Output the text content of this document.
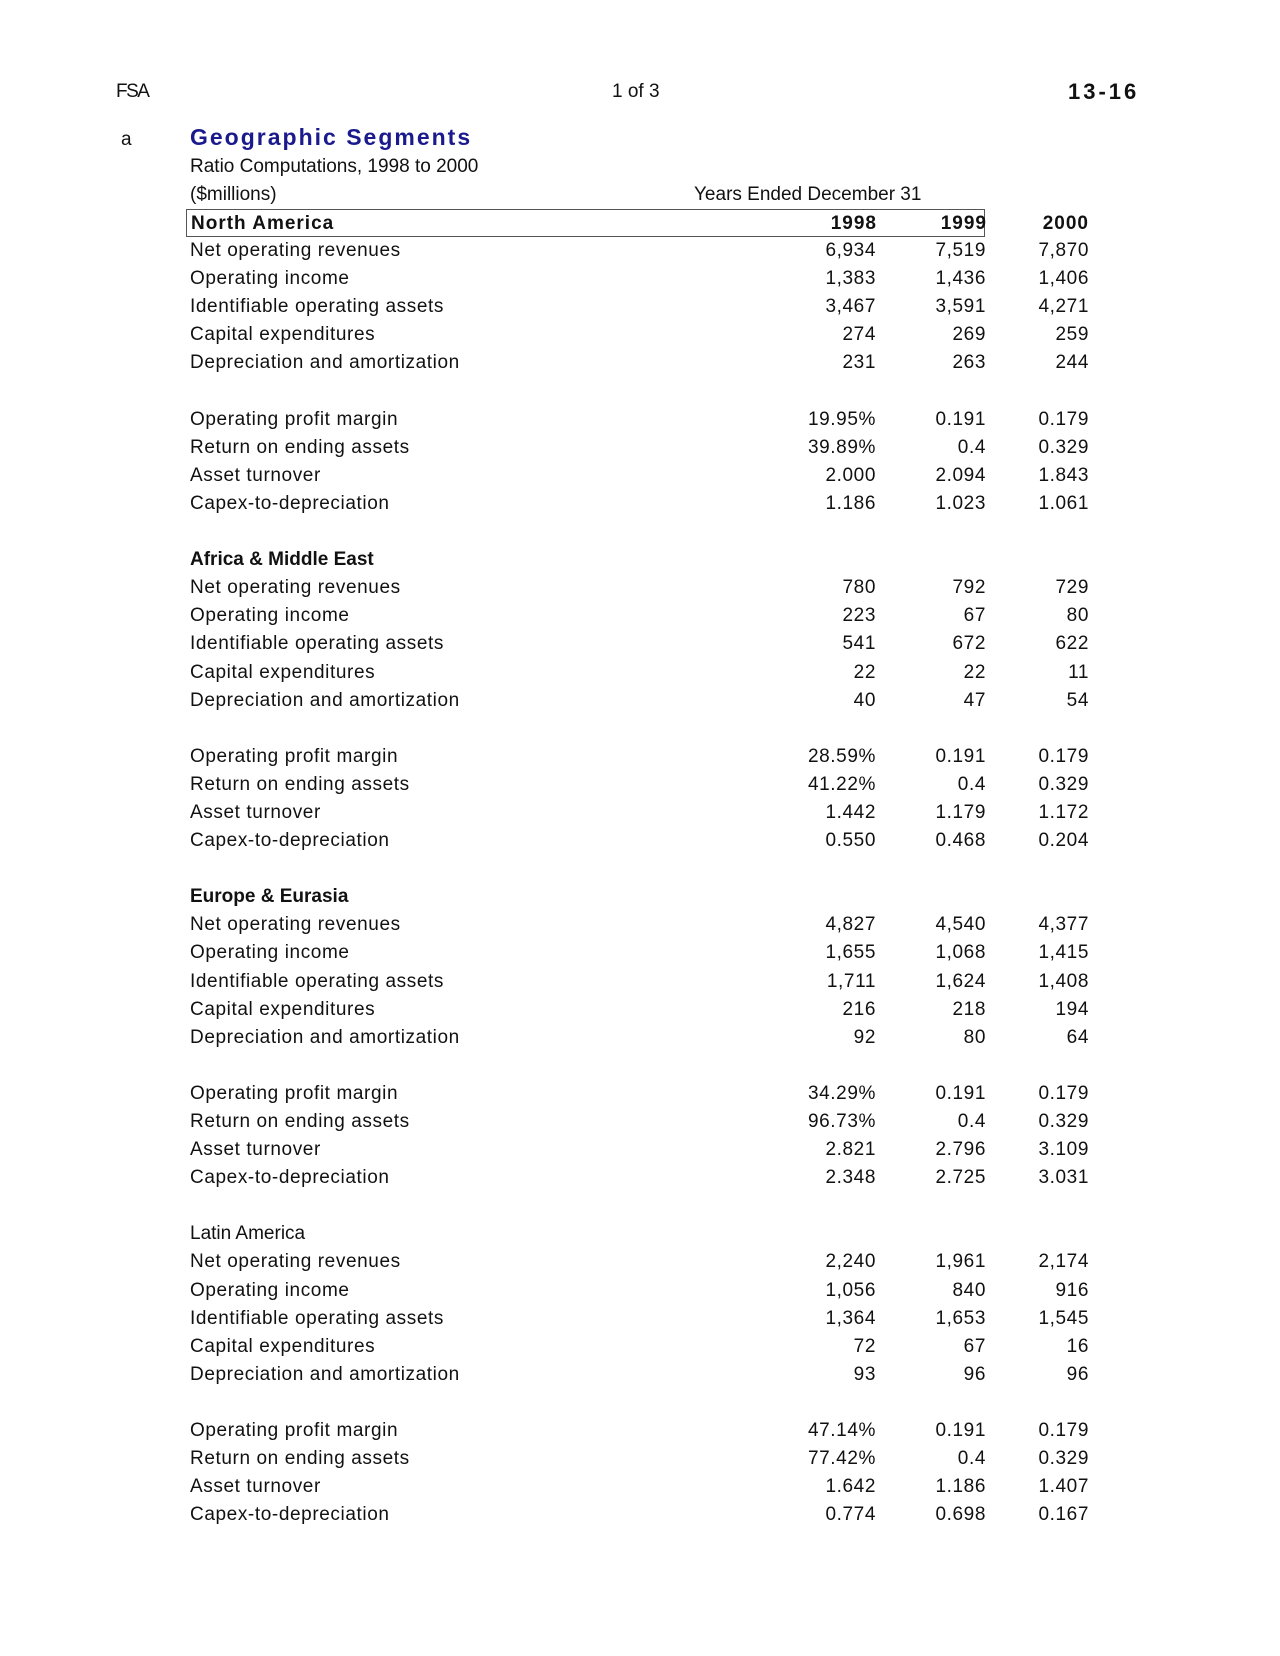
FSA	1 of 3	13-16
a	Geographic Segments
Ratio Computations, 1998 to 2000
($millions)	Years Ended December 31
North America	1998	1999	2000
Net operating revenues	6,934	7,519	7,870
Operating income	1,383	1,436	1,406
Identifiable operating assets	3,467	3,591	4,271
Capital expenditures	274	269	259
Depreciation and amortization	231	263	244
Operating profit margin	19.95%	0.191	0.179
Return on ending assets	39.89%	0.4	0.329
Asset turnover	2.000	2.094	1.843
Capex-to-depreciation	1.186	1.023	1.061
Africa & Middle East
Net operating revenues	780	792	729
Operating income	223	67	80
Identifiable operating assets	541	672	622
Capital expenditures	22	22	11
Depreciation and amortization	40	47	54
Operating profit margin	28.59%	0.191	0.179
Return on ending assets	41.22%	0.4	0.329
Asset turnover	1.442	1.179	1.172
Capex-to-depreciation	0.550	0.468	0.204
Europe & Eurasia
Net operating revenues	4,827	4,540	4,377
Operating income	1,655	1,068	1,415
Identifiable operating assets	1,711	1,624	1,408
Capital expenditures	216	218	194
Depreciation and amortization	92	80	64
Operating profit margin	34.29%	0.191	0.179
Return on ending assets	96.73%	0.4	0.329
Asset turnover	2.821	2.796	3.109
Capex-to-depreciation	2.348	2.725	3.031
Latin America
Net operating revenues	2,240	1,961	2,174
Operating income	1,056	840	916
Identifiable operating assets	1,364	1,653	1,545
Capital expenditures	72	67	16
Depreciation and amortization	93	96	96
Operating profit margin	47.14%	0.191	0.179
Return on ending assets	77.42%	0.4	0.329
Asset turnover	1.642	1.186	1.407
Capex-to-depreciation	0.774	0.698	0.167
